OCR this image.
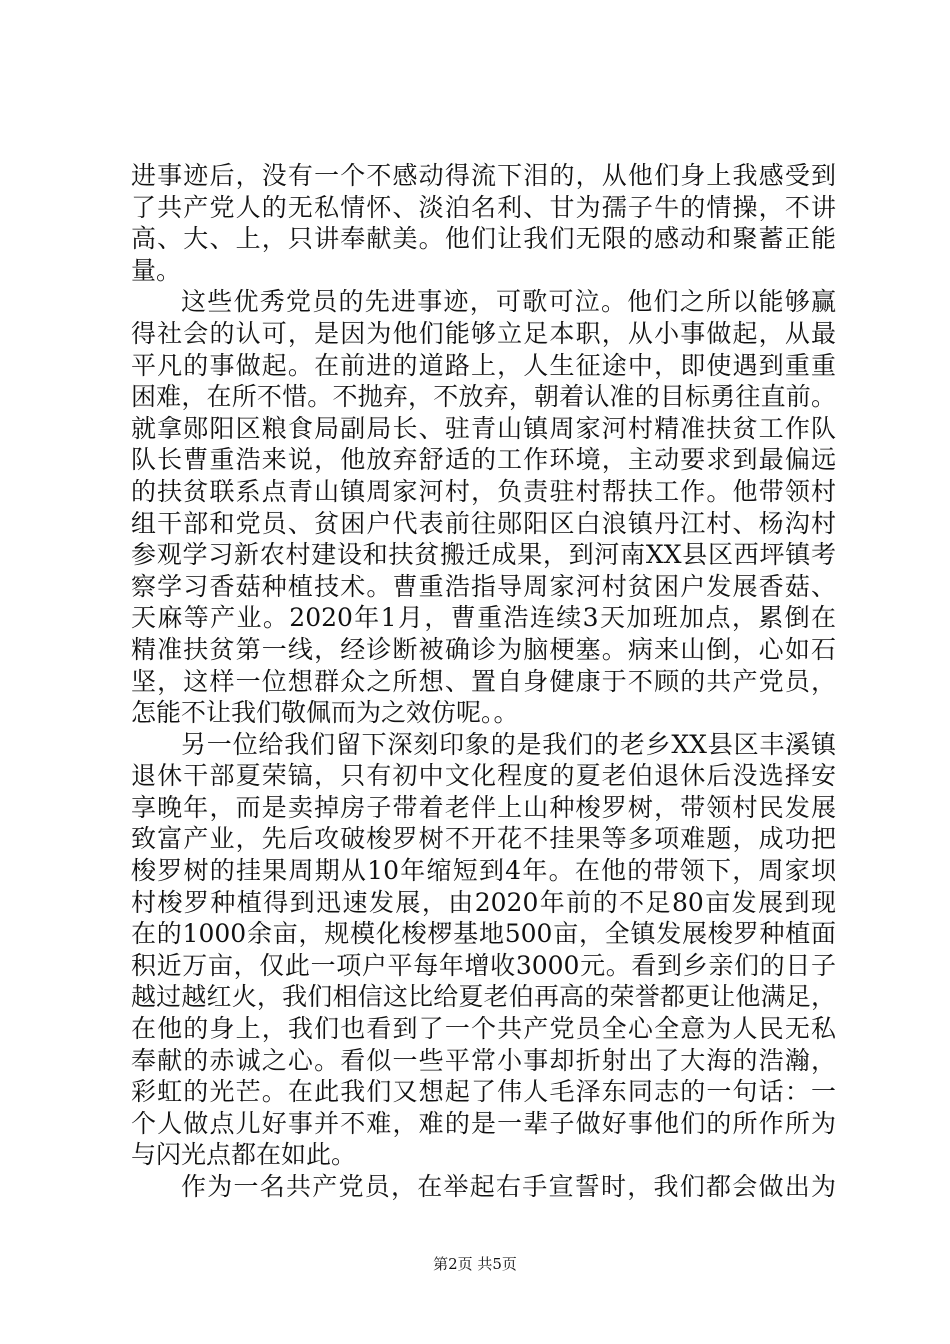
进事迹后，没有一个不感动得流下泪的，从他们身上我感受到
了共产党人的无私情怀、淡泊名利、甘为孺子牛的情操，不讲
高、大、上，只讲奉献美。他们让我们无限的感动和聚蓄正能
量。
这些优秀党员的先进事迹，可歌可泣。他们之所以能够赢
得社会的认可，是因为他们能够立足本职，从小事做起，从最
平凡的事做起。在前进的道路上，人生征途中，即使遇到重重
困难，在所不惜。不抛弃，不放弃，朝着认准的目标勇往直前。
就拿郧阳区粮食局副局长、驻青山镇周家河村精准扶贫工作队
队长曹重浩来说，他放弃舒适的工作环境，主动要求到最偏远
的扶贫联系点青山镇周家河村，负责驻村帮扶工作。他带领村
组干部和党员、贫困户代表前往郧阳区白浪镇丹江村、杨沟村
参观学习新农村建设和扶贫搬迁成果，到河南XX县区西坪镇考
察学习香菇种植技术。曹重浩指导周家河村贫困户发展香菇、
天麻等产业。2020年1月，曹重浩连续3天加班加点，累倒在
精准扶贫第一线，经诊断被确诊为脑梗塞。病来山倒，心如石
坚，这样一位想群众之所想、置自身健康于不顾的共产党员，
怎能不让我们敬佩而为之效仿呢。。
另一位给我们留下深刻印象的是我们的老乡XX县区丰溪镇
退休干部夏荣镐，只有初中文化程度的夏老伯退休后没选择安
享晚年，而是卖掉房子带着老伴上山种梭罗树，带领村民发展
致富产业，先后攻破梭罗树不开花不挂果等多项难题，成功把
梭罗树的挂果周期从10年缩短到4年。在他的带领下，周家坝
村梭罗种植得到迅速发展，由2020年前的不足80亩发展到现
在的1000余亩，规模化梭椤基地500亩，全镇发展梭罗种植面
积近万亩，仅此一项户平每年增收3000元。看到乡亲们的日子
越过越红火，我们相信这比给夏老伯再高的荣誉都更让他满足，
在他的身上，我们也看到了一个共产党员全心全意为人民无私
奉献的赤诚之心。看似一些平常小事却折射出了大海的浩瀚，
彩虹的光芒。在此我们又想起了伟人毛泽东同志的一句话：一
个人做点儿好事并不难，难的是一辈子做好事他们的所作所为
与闪光点都在如此。
作为一名共产党员，在举起右手宣誓时，我们都会做出为
第2页 共5页
